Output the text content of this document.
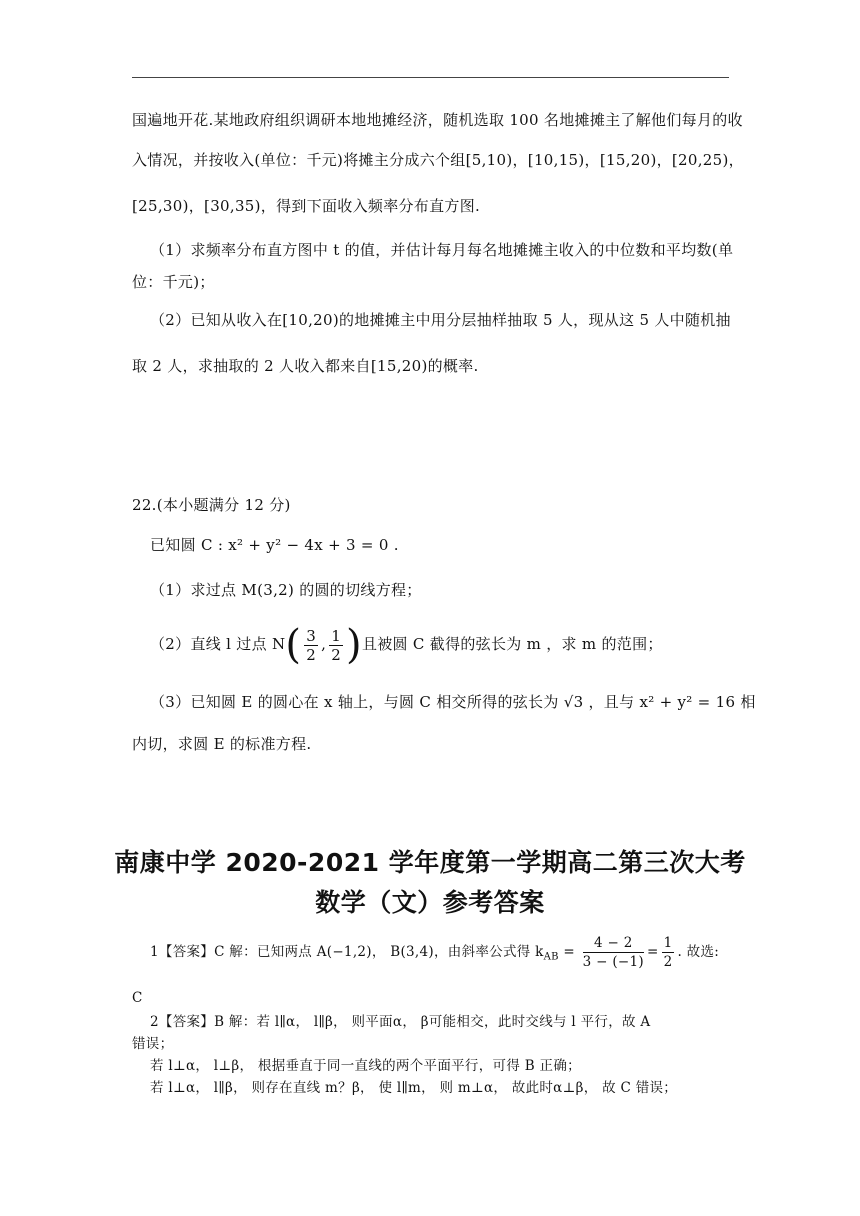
国遍地开花.某地政府组织调研本地地摊经济，随机选取 100 名地摊摊主了解他们每月的收
入情况，并按收入(单位：千元)将摊主分成六个组[5,10)，[10,15)，[15,20)，[20,25)，
[25,30)，[30,35)，得到下面收入频率分布直方图.
（1）求频率分布直方图中 t 的值，并估计每月每名地摊摊主收入的中位数和平均数(单
位：千元)；
（2）已知从收入在[10,20)的地摊摊主中用分层抽样抽取 5 人，现从这 5 人中随机抽
取 2 人，求抽取的 2 人收入都来自[15,20)的概率.
22.(本小题满分 12 分)
已知圆 C : x² + y² − 4x + 3 = 0 .
（1）求过点 M(3,2) 的圆的切线方程；
（2）直线 l 过点 $N( \frac{3}{2}$ , $\frac{1}{2}$ )且被圆 C 截得的弦长为 m ，求 m 的范围；
（3）已知圆 E 的圆心在 x 轴上，与圆 C 相交所得的弦长为 √3 ，且与 x² + y² = 16 相
内切，求圆 E 的标准方程.
南康中学 2020-2021 学年度第一学期高二第三次大考
数学（文）参考答案
1【答案】C 解：已知两点 A(−1,2)， B(3,4)，由斜率公式得 $k_{AB} = \frac{4 - 2}{3 - (-1)} = \frac{1}{2}$ . 故选:
C
2【答案】B 解：若 l∥α， l∥β， 则平面α， β可能相交，此时交线与 l 平行，故 A
错误；
若 l⊥α， l⊥β， 根据垂直于同一直线的两个平面平行，可得 B 正确；
若 l⊥α， l∥β， 则存在直线 m？β， 使 l∥m， 则 m⊥α， 故此时α⊥β， 故 C 错误；
